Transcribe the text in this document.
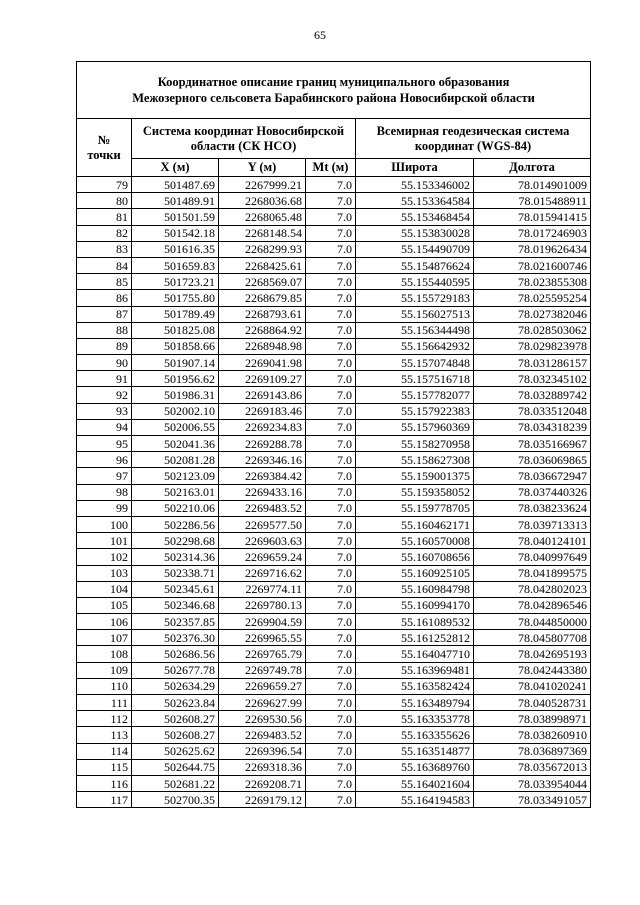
65
Координатное описание границ муниципального образования
Межозерного сельсовета Барабинского района Новосибирской области					

№ точки	Система координат Новосибирской области (СК НСО)			Всемирная геодезическая система координат (WGS-84)	
	X (м)	Y (м)	Mt (м)	Широта	Долгота
79	501487.69	2267999.21	7.0	55.153346002	78.014901009
80	501489.91	2268036.68	7.0	55.153364584	78.015488911
81	501501.59	2268065.48	7.0	55.153468454	78.015941415
82	501542.18	2268148.54	7.0	55.153830028	78.017246903
83	501616.35	2268299.93	7.0	55.154490709	78.019626434
84	501659.83	2268425.61	7.0	55.154876624	78.021600746
85	501723.21	2268569.07	7.0	55.155440595	78.023855308
86	501755.80	2268679.85	7.0	55.155729183	78.025595254
87	501789.49	2268793.61	7.0	55.156027513	78.027382046
88	501825.08	2268864.92	7.0	55.156344498	78.028503062
89	501858.66	2268948.98	7.0	55.156642932	78.029823978
90	501907.14	2269041.98	7.0	55.157074848	78.031286157
91	501956.62	2269109.27	7.0	55.157516718	78.032345102
92	501986.31	2269143.86	7.0	55.157782077	78.032889742
93	502002.10	2269183.46	7.0	55.157922383	78.033512048
94	502006.55	2269234.83	7.0	55.157960369	78.034318239
95	502041.36	2269288.78	7.0	55.158270958	78.035166967
96	502081.28	2269346.16	7.0	55.158627308	78.036069865
97	502123.09	2269384.42	7.0	55.159001375	78.036672947
98	502163.01	2269433.16	7.0	55.159358052	78.037440326
99	502210.06	2269483.52	7.0	55.159778705	78.038233624
100	502286.56	2269577.50	7.0	55.160462171	78.039713313
101	502298.68	2269603.63	7.0	55.160570008	78.040124101
102	502314.36	2269659.24	7.0	55.160708656	78.040997649
103	502338.71	2269716.62	7.0	55.160925105	78.041899575
104	502345.61	2269774.11	7.0	55.160984798	78.042802023
105	502346.68	2269780.13	7.0	55.160994170	78.042896546
106	502357.85	2269904.59	7.0	55.161089532	78.044850000
107	502376.30	2269965.55	7.0	55.161252812	78.045807708
108	502686.56	2269765.79	7.0	55.164047710	78.042695193
109	502677.78	2269749.78	7.0	55.163969481	78.042443380
110	502634.29	2269659.27	7.0	55.163582424	78.041020241
111	502623.84	2269627.99	7.0	55.163489794	78.040528731
112	502608.27	2269530.56	7.0	55.163353778	78.038998971
113	502608.27	2269483.52	7.0	55.163355626	78.038260910
114	502625.62	2269396.54	7.0	55.163514877	78.036897369
115	502644.75	2269318.36	7.0	55.163689760	78.035672013
116	502681.22	2269208.71	7.0	55.164021604	78.033954044
117	502700.35	2269179.12	7.0	55.164194583	78.033491057
